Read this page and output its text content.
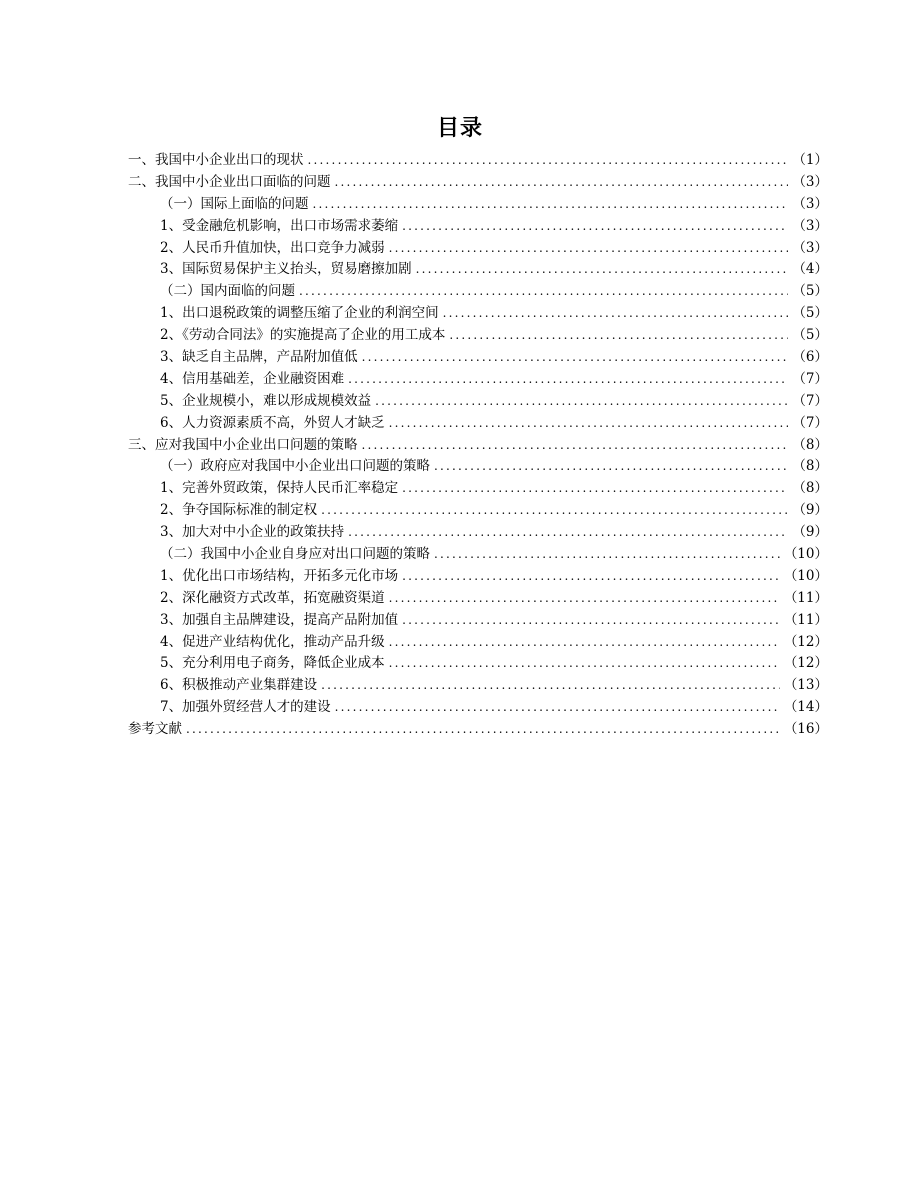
目录
一、我国中小企业出口的现状 .....	（1）
二、我国中小企业出口面临的问题 .....	（3）
（一）国际上面临的问题 .....	（3）
1、受金融危机影响，出口市场需求萎缩 .....	（3）
2、人民币升值加快，出口竞争力减弱 .....	（3）
3、国际贸易保护主义抬头，贸易磨擦加剧 .....	（4）
（二）国内面临的问题 .....	（5）
1、出口退税政策的调整压缩了企业的利润空间 .....	（5）
2、《劳动合同法》的实施提高了企业的用工成本 .....	（5）
3、缺乏自主品牌，产品附加值低 .....	（6）
4、信用基础差，企业融资困难 .....	（7）
5、企业规模小，难以形成规模效益 .....	（7）
6、人力资源素质不高，外贸人才缺乏 .....	（7）
三、应对我国中小企业出口问题的策略 .....	（8）
（一）政府应对我国中小企业出口问题的策略 .....	（8）
1、完善外贸政策，保持人民币汇率稳定 .....	（8）
2、争夺国际标准的制定权 .....	（9）
3、加大对中小企业的政策扶持 .....	（9）
（二）我国中小企业自身应对出口问题的策略 .....	（10）
1、优化出口市场结构，开拓多元化市场 .....	（10）
2、深化融资方式改革，拓宽融资渠道 .....	（11）
3、加强自主品牌建设，提高产品附加值 .....	（11）
4、促进产业结构优化，推动产品升级 .....	（12）
5、充分利用电子商务，降低企业成本 .....	（12）
6、积极推动产业集群建设 .....	（13）
7、加强外贸经营人才的建设 .....	（14）
参考文献 .....	（16）
